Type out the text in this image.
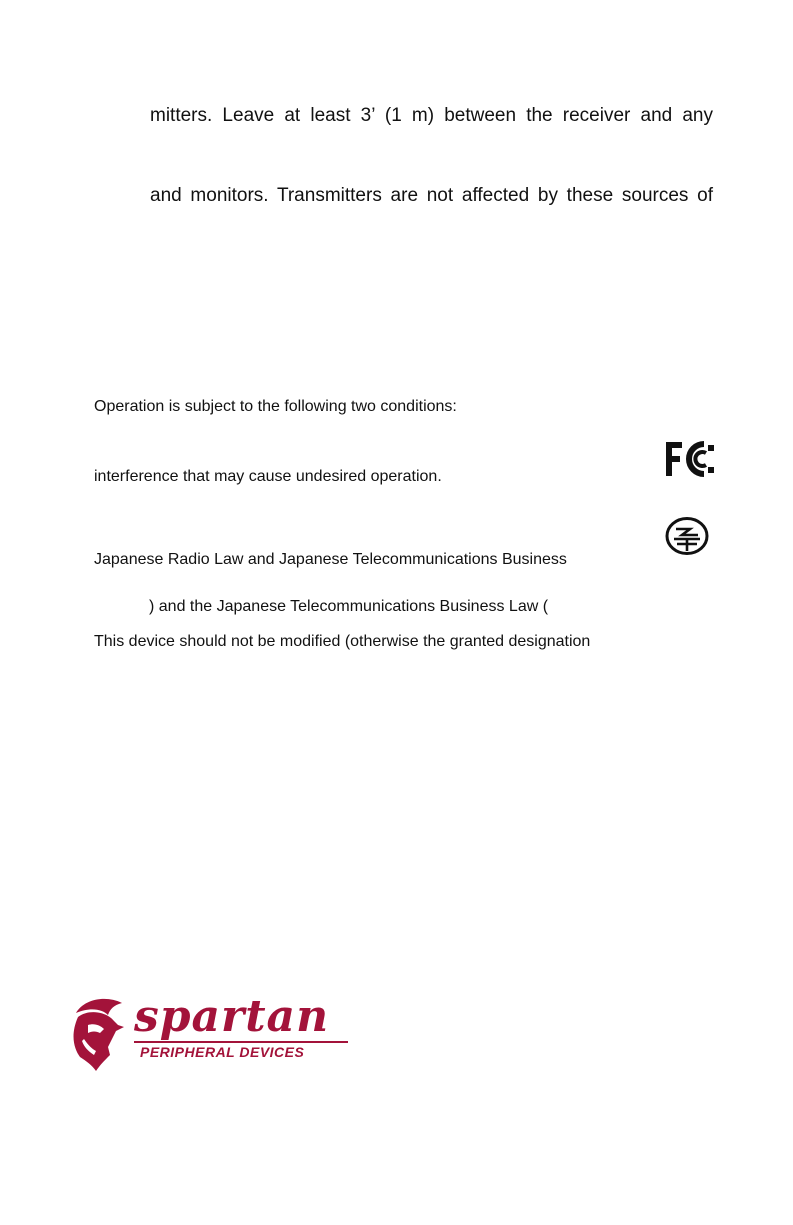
mitters. Leave at least 3’ (1 m) between the receiver and any
and monitors. Transmitters are not affected by these sources of
Operation is subject to the following two conditions:
interference that may cause undesired operation.
Japanese Radio Law and Japanese Telecommunications Business
) and the Japanese Telecommunications Business Law (
This device should not be modified (otherwise the granted designation
spartan
PERIPHERAL DEVICES
